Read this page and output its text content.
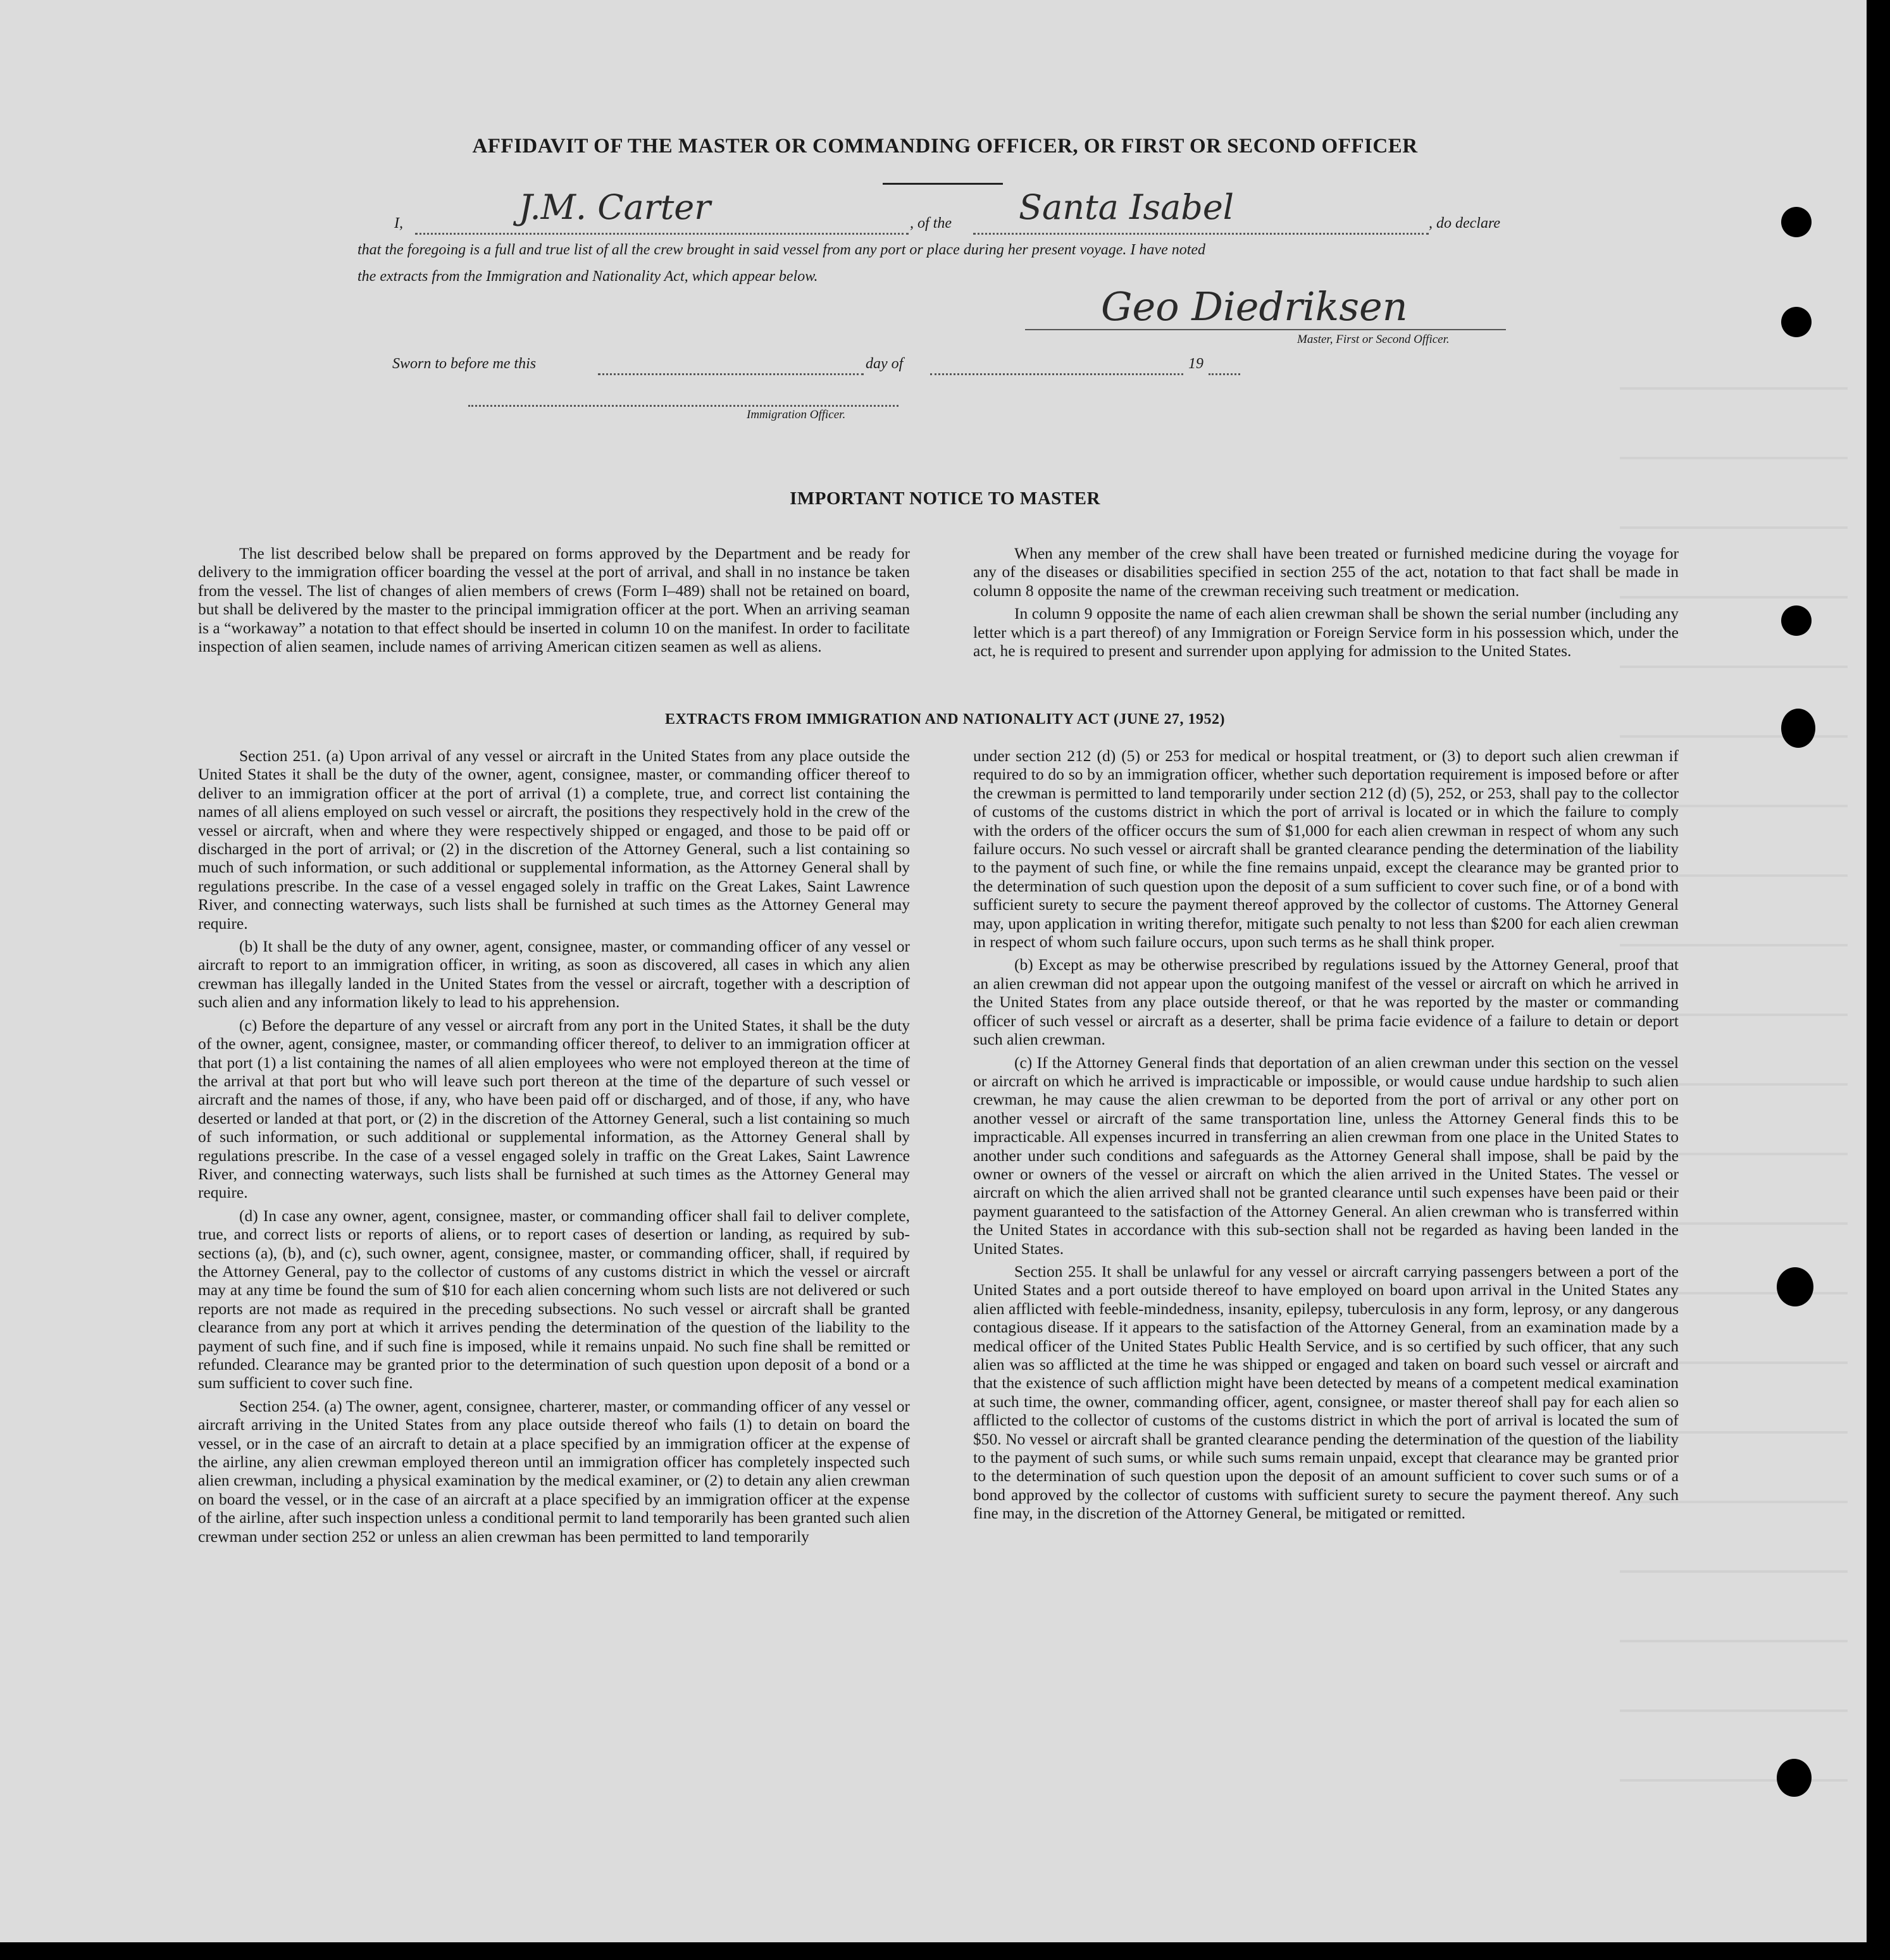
AFFIDAVIT OF THE MASTER OR COMMANDING OFFICER, OR FIRST OR SECOND OFFICER
I,	J.M. Carter	, of the Santa Isabel	, do declare
that the foregoing is a full and true list of all the crew brought in said vessel from any port or place during her present voyage. I have noted
the extracts from the Immigration and Nationality Act, which appear below.
Geo Diedriksen
Master, First or Second Officer.
Sworn to before me this	day of	19
Immigration Officer.
IMPORTANT NOTICE TO MASTER

The list described below shall be prepared on forms approved by the Department and be ready for delivery to the immigration officer boarding the vessel at the port of arrival, and shall in no instance be taken from the vessel. The list of changes of alien members of crews (Form I–489) shall not be retained on board, but shall be delivered by the master to the principal immigration officer at the port. When an arriving seaman is a “workaway” a notation to that effect should be inserted in column 10 on the manifest. In order to facilitate inspection of alien seamen, include names of arriving American citizen seamen as well as aliens.

When any member of the crew shall have been treated or furnished medicine during the voyage for any of the diseases or disabilities specified in section 255 of the act, notation to that fact shall be made in column 8 opposite the name of the crewman receiving such treatment or medication.

In column 9 opposite the name of each alien crewman shall be shown the serial number (including any letter which is a part thereof) of any Immigration or Foreign Service form in his possession which, under the act, he is required to present and surrender upon applying for admission to the United States.

EXTRACTS FROM IMMIGRATION AND NATIONALITY ACT (JUNE 27, 1952)

Section 251. (a) Upon arrival of any vessel or aircraft in the United States from any place outside the United States it shall be the duty of the owner, agent, consignee, master, or commanding officer thereof to deliver to an immigration officer at the port of arrival (1) a complete, true, and correct list containing the names of all aliens employed on such vessel or aircraft, the positions they respectively hold in the crew of the vessel or aircraft, when and where they were respectively shipped or engaged, and those to be paid off or discharged in the port of arrival; or (2) in the discretion of the Attorney General, such a list containing so much of such information, or such additional or supplemental information, as the Attorney General shall by regulations prescribe. In the case of a vessel engaged solely in traffic on the Great Lakes, Saint Lawrence River, and connecting waterways, such lists shall be furnished at such times as the Attorney General may require.

(b) It shall be the duty of any owner, agent, consignee, master, or commanding officer of any vessel or aircraft to report to an immigration officer, in writing, as soon as discovered, all cases in which any alien crewman has illegally landed in the United States from the vessel or aircraft, together with a description of such alien and any information likely to lead to his apprehension.

(c) Before the departure of any vessel or aircraft from any port in the United States, it shall be the duty of the owner, agent, consignee, master, or commanding officer thereof, to deliver to an immigration officer at that port (1) a list containing the names of all alien employees who were not employed thereon at the time of the arrival at that port but who will leave such port thereon at the time of the departure of such vessel or aircraft and the names of those, if any, who have been paid off or discharged, and of those, if any, who have deserted or landed at that port, or (2) in the discretion of the Attorney General, such a list containing so much of such information, or such additional or supplemental information, as the Attorney General shall by regulations prescribe. In the case of a vessel engaged solely in traffic on the Great Lakes, Saint Lawrence River, and connecting waterways, such lists shall be furnished at such times as the Attorney General may require.

(d) In case any owner, agent, consignee, master, or commanding officer shall fail to deliver complete, true, and correct lists or reports of aliens, or to report cases of desertion or landing, as required by sub-sections (a), (b), and (c), such owner, agent, consignee, master, or commanding officer, shall, if required by the Attorney General, pay to the collector of customs of any customs district in which the vessel or aircraft may at any time be found the sum of $10 for each alien concerning whom such lists are not delivered or such reports are not made as required in the preceding subsections. No such vessel or aircraft shall be granted clearance from any port at which it arrives pending the determination of the question of the liability to the payment of such fine, and if such fine is imposed, while it remains unpaid. No such fine shall be remitted or refunded. Clearance may be granted prior to the determination of such question upon deposit of a bond or a sum sufficient to cover such fine.

Section 254. (a) The owner, agent, consignee, charterer, master, or commanding officer of any vessel or aircraft arriving in the United States from any place outside thereof who fails (1) to detain on board the vessel, or in the case of an aircraft to detain at a place specified by an immigration officer at the expense of the airline, any alien crewman employed thereon until an immigration officer has completely inspected such alien crewman, including a physical examination by the medical examiner, or (2) to detain any alien crewman on board the vessel, or in the case of an aircraft at a place specified by an immigration officer at the expense of the airline, after such inspection unless a conditional permit to land temporarily has been granted such alien crewman under section 252 or unless an alien crewman has been permitted to land temporarily

under section 212 (d) (5) or 253 for medical or hospital treatment, or (3) to deport such alien crewman if required to do so by an immigration officer, whether such deportation requirement is imposed before or after the crewman is permitted to land temporarily under section 212 (d) (5), 252, or 253, shall pay to the collector of customs of the customs district in which the port of arrival is located or in which the failure to comply with the orders of the officer occurs the sum of $1,000 for each alien crewman in respect of whom any such failure occurs. No such vessel or aircraft shall be granted clearance pending the determination of the liability to the payment of such fine, or while the fine remains unpaid, except the clearance may be granted prior to the determination of such question upon the deposit of a sum sufficient to cover such fine, or of a bond with sufficient surety to secure the payment thereof approved by the collector of customs. The Attorney General may, upon application in writing therefor, mitigate such penalty to not less than $200 for each alien crewman in respect of whom such failure occurs, upon such terms as he shall think proper.

(b) Except as may be otherwise prescribed by regulations issued by the Attorney General, proof that an alien crewman did not appear upon the outgoing manifest of the vessel or aircraft on which he arrived in the United States from any place outside thereof, or that he was reported by the master or commanding officer of such vessel or aircraft as a deserter, shall be prima facie evidence of a failure to detain or deport such alien crewman.

(c) If the Attorney General finds that deportation of an alien crewman under this section on the vessel or aircraft on which he arrived is impracticable or impossible, or would cause undue hardship to such alien crewman, he may cause the alien crewman to be deported from the port of arrival or any other port on another vessel or aircraft of the same transportation line, unless the Attorney General finds this to be impracticable. All expenses incurred in transferring an alien crewman from one place in the United States to another under such conditions and safeguards as the Attorney General shall impose, shall be paid by the owner or owners of the vessel or aircraft on which the alien arrived in the United States. The vessel or aircraft on which the alien arrived shall not be granted clearance until such expenses have been paid or their payment guaranteed to the satisfaction of the Attorney General. An alien crewman who is transferred within the United States in accordance with this sub-section shall not be regarded as having been landed in the United States.

Section 255. It shall be unlawful for any vessel or aircraft carrying passengers between a port of the United States and a port outside thereof to have employed on board upon arrival in the United States any alien afflicted with feeble-mindedness, insanity, epilepsy, tuberculosis in any form, leprosy, or any dangerous contagious disease. If it appears to the satisfaction of the Attorney General, from an examination made by a medical officer of the United States Public Health Service, and is so certified by such officer, that any such alien was so afflicted at the time he was shipped or engaged and taken on board such vessel or aircraft and that the existence of such affliction might have been detected by means of a competent medical examination at such time, the owner, commanding officer, agent, consignee, or master thereof shall pay for each alien so afflicted to the collector of customs of the customs district in which the port of arrival is located the sum of $50. No vessel or aircraft shall be granted clearance pending the determination of the question of the liability to the payment of such sums, or while such sums remain unpaid, except that clearance may be granted prior to the determination of such question upon the deposit of an amount sufficient to cover such sums or of a bond approved by the collector of customs with sufficient surety to secure the payment thereof. Any such fine may, in the discretion of the Attorney General, be mitigated or remitted.
